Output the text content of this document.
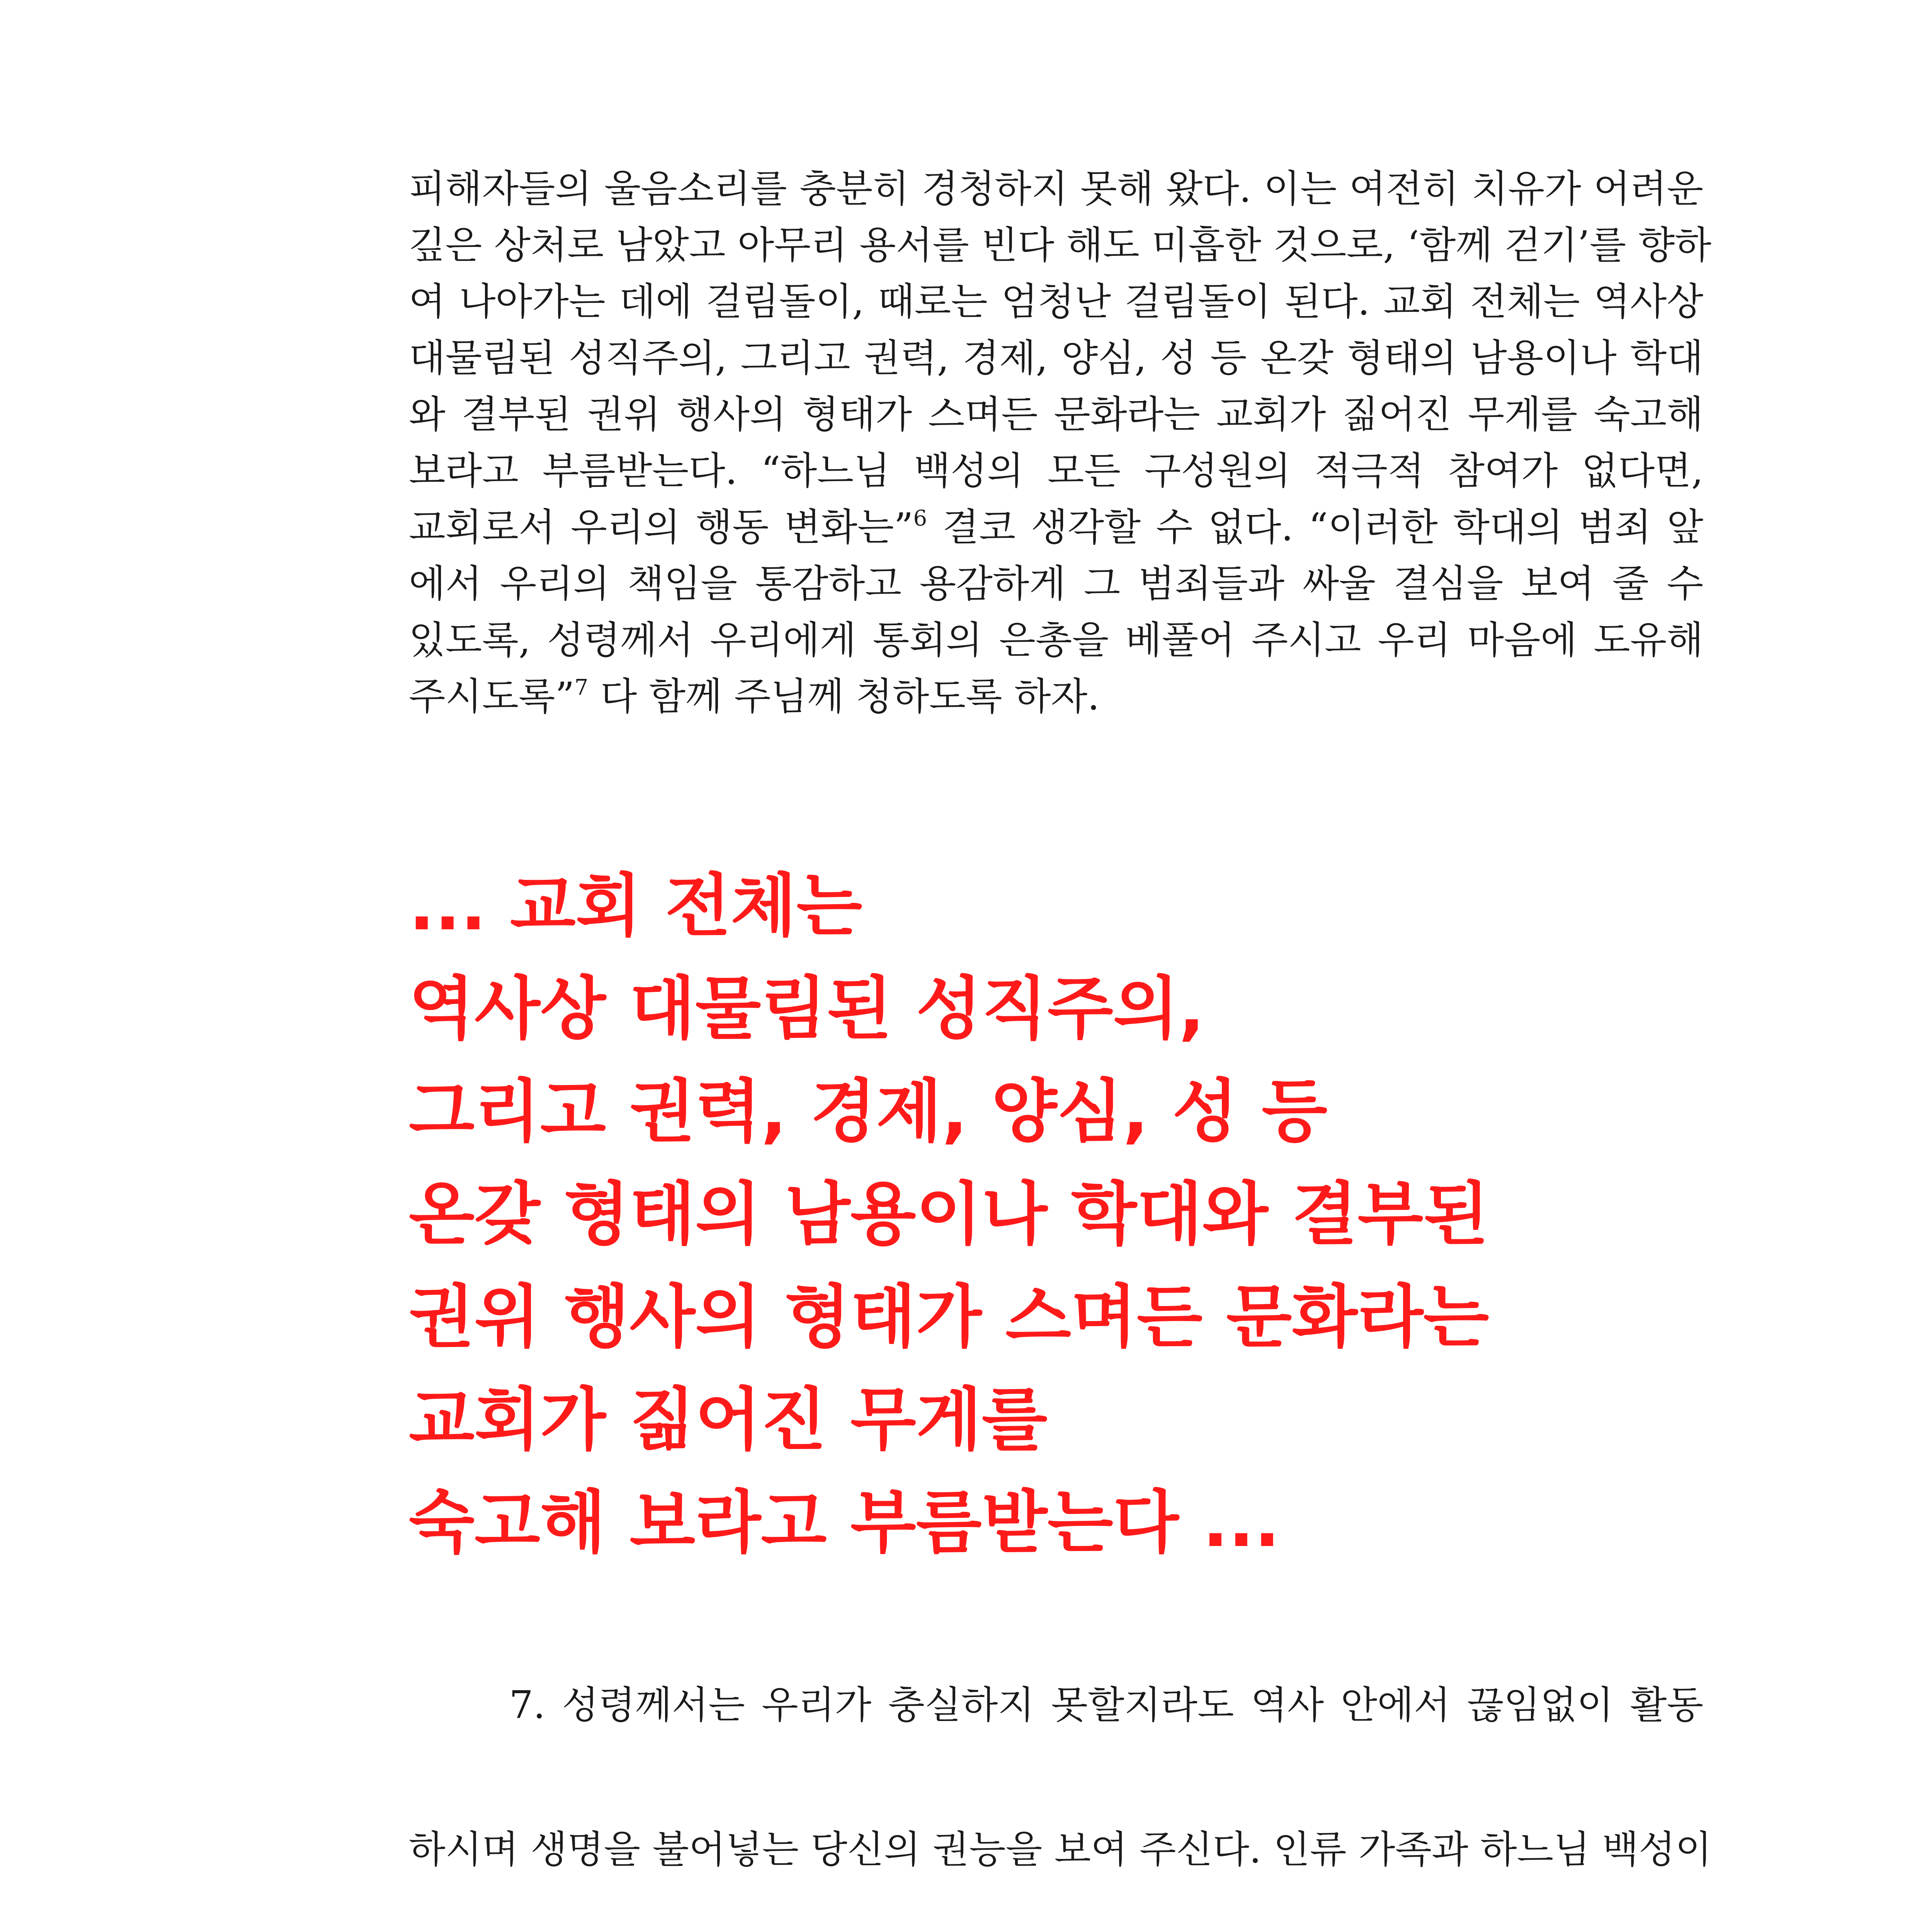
피해자들의 울음소리를 충분히 경청하지 못해 왔다. 이는 여전히 치유가 어려운
깊은 상처로 남았고 아무리 용서를 빈다 해도 미흡한 것으로, ‘함께 걷기’를 향하
여 나아가는 데에 걸림돌이, 때로는 엄청난 걸림돌이 된다. 교회 전체는 역사상
대물림된 성직주의, 그리고 권력, 경제, 양심, 성 등 온갖 형태의 남용이나 학대
와 결부된 권위 행사의 형태가 스며든 문화라는 교회가 짊어진 무게를 숙고해
보라고 부름받는다. “하느님 백성의 모든 구성원의 적극적 참여가 없다면,
교회로서 우리의 행동 변화는”$^6$ 결코 생각할 수 없다. “이러한 학대의 범죄 앞
에서 우리의 책임을 통감하고 용감하게 그 범죄들과 싸울 결심을 보여 줄 수
있도록, 성령께서 우리에게 통회의 은총을 베풀어 주시고 우리 마음에 도유해
주시도록”$^7$ 다 함께 주님께 청하도록 하자.
... 교회 전체는
역사상 대물림된 성직주의,
그리고 권력, 경제, 양심, 성 등
온갖 형태의 남용이나 학대와 결부된
권위 행사의 형태가 스며든 문화라는
교회가 짊어진 무게를
숙고해 보라고 부름받는다 ...

7. 성령께서는 우리가 충실하지 못할지라도 역사 안에서 끊임없이 활동

하시며 생명을 불어넣는 당신의 권능을 보여 주신다. 인류 가족과 하느님 백성이
